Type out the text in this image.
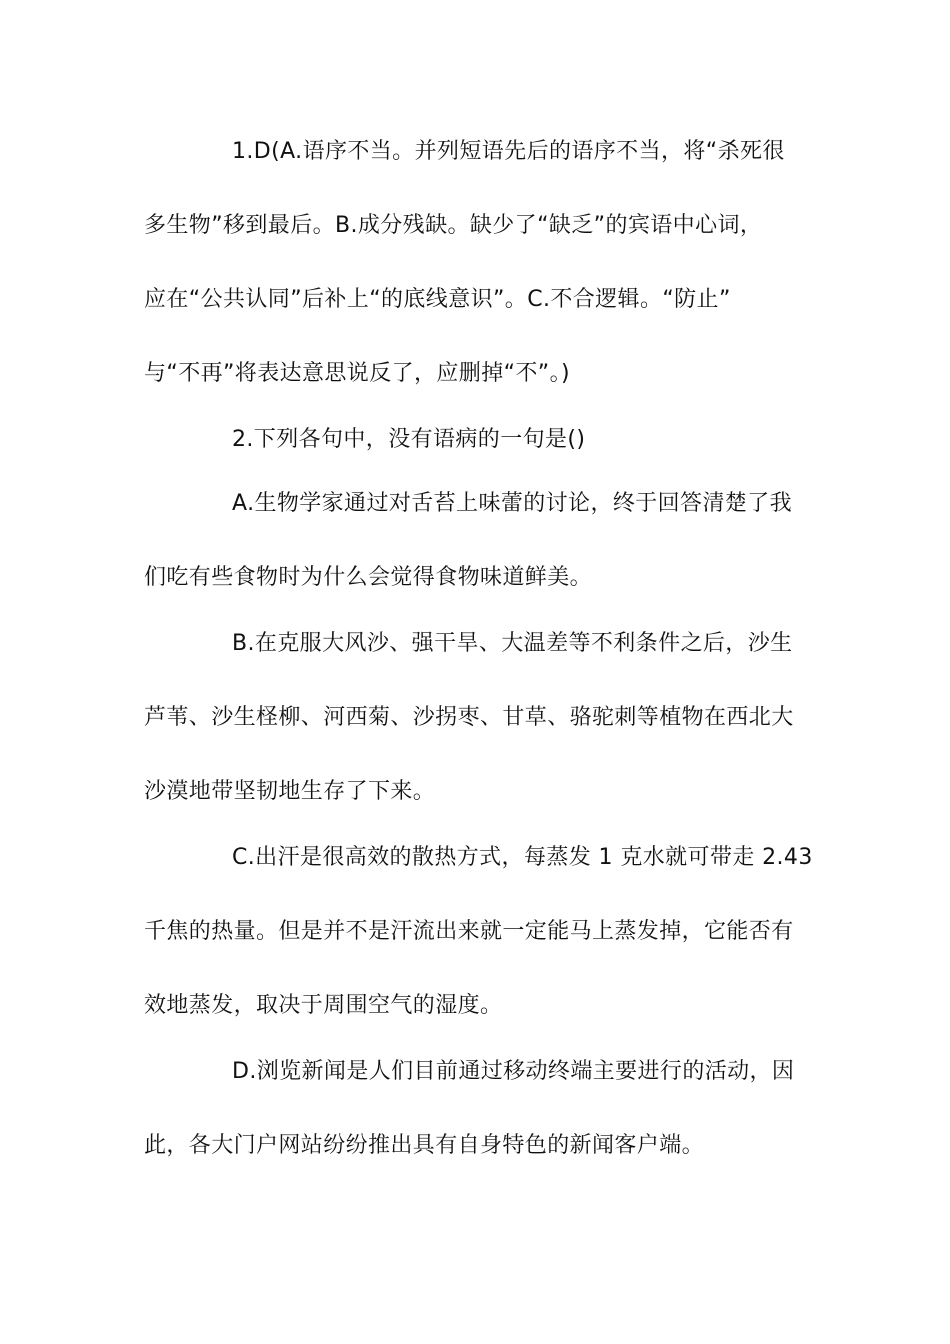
1.D(A.语序不当。并列短语先后的语序不当，将“杀死很
多生物”移到最后。B.成分残缺。缺少了“缺乏”的宾语中心词，
应在“公共认同”后补上“的底线意识”。C.不合逻辑。“防止”
与“不再”将表达意思说反了，应删掉“不”。)
2.下列各句中，没有语病的一句是()
A.生物学家通过对舌苔上味蕾的讨论，终于回答清楚了我
们吃有些食物时为什么会觉得食物味道鲜美。
B.在克服大风沙、强干旱、大温差等不利条件之后，沙生
芦苇、沙生柽柳、河西菊、沙拐枣、甘草、骆驼刺等植物在西北大
沙漠地带坚韧地生存了下来。
C.出汗是很高效的散热方式，每蒸发 1 克水就可带走 2.43
千焦的热量。但是并不是汗流出来就一定能马上蒸发掉，它能否有
效地蒸发，取决于周围空气的湿度。
D.浏览新闻是人们目前通过移动终端主要进行的活动，因
此，各大门户网站纷纷推出具有自身特色的新闻客户端。
